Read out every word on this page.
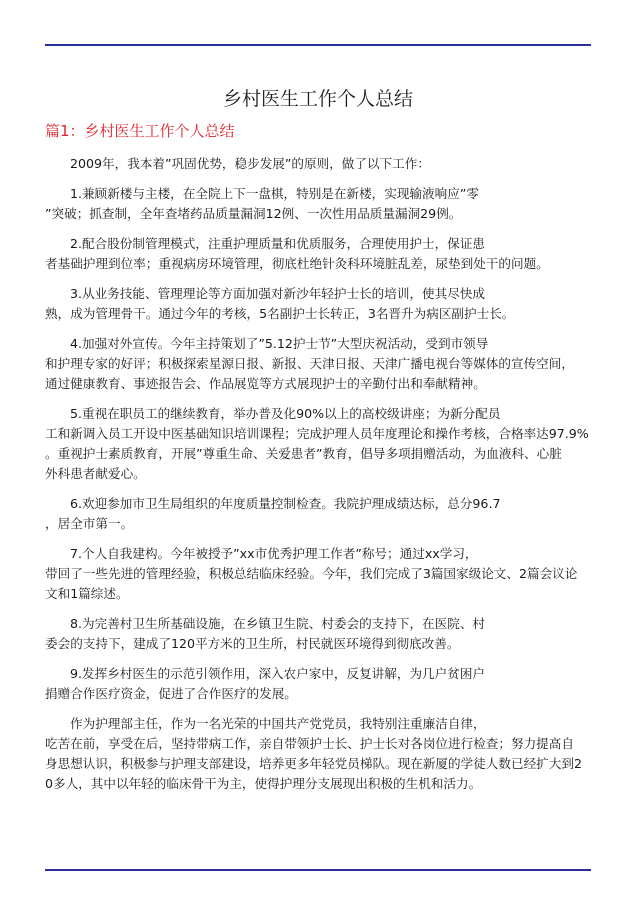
乡村医生工作个人总结
篇1：乡村医生工作个人总结
2009年，我本着”巩固优势，稳步发展”的原则，做了以下工作：
1.兼顾新楼与主楼，在全院上下一盘棋，特别是在新楼，实现输液响应”零
”突破；抓查制，全年查堵药品质量漏洞12例、一次性用品质量漏洞29例。
2.配合股份制管理模式，注重护理质量和优质服务，合理使用护士，保证患
者基础护理到位率；重视病房环境管理，彻底杜绝针灸科环境脏乱差，尿垫到处干的问题。
3.从业务技能、管理理论等方面加强对新沙年轻护士长的培训，使其尽快成
熟，成为管理骨干。通过今年的考核，5名副护士长转正，3名晋升为病区副护士长。
4.加强对外宣传。今年主持策划了”5.12护士节”大型庆祝活动，受到市领导
和护理专家的好评；积极探索星源日报、新报、天津日报、天津广播电视台等媒体的宣传空间，
通过健康教育、事迹报告会、作品展览等方式展现护士的辛勤付出和奉献精神。
5.重视在职员工的继续教育，举办普及化90%以上的高校级讲座；为新分配员
工和新调入员工开设中医基础知识培训课程；完成护理人员年度理论和操作考核，合格率达97.9%
。重视护士素质教育，开展”尊重生命、关爱患者”教育，倡导多项捐赠活动，为血液科、心脏
外科患者献爱心。
6.欢迎参加市卫生局组织的年度质量控制检查。我院护理成绩达标，总分96.7
，居全市第一。
7.个人自我建构。今年被授予”xx市优秀护理工作者”称号；通过xx学习，
带回了一些先进的管理经验，积极总结临床经验。今年，我们完成了3篇国家级论文、2篇会议论
文和1篇综述。
8.为完善村卫生所基础设施，在乡镇卫生院、村委会的支持下，在医院、村
委会的支持下，建成了120平方米的卫生所，村民就医环境得到彻底改善。
9.发挥乡村医生的示范引领作用，深入农户家中，反复讲解，为几户贫困户
捐赠合作医疗资金，促进了合作医疗的发展。
作为护理部主任，作为一名光荣的中国共产党党员，我特别注重廉洁自律，
吃苦在前，享受在后，坚持带病工作，亲自带领护士长、护士长对各岗位进行检查；努力提高自
身思想认识，积极参与护理支部建设，培养更多年轻党员梯队。现在新厦的学徒人数已经扩大到2
0多人，其中以年轻的临床骨干为主，使得护理分支展现出积极的生机和活力。
